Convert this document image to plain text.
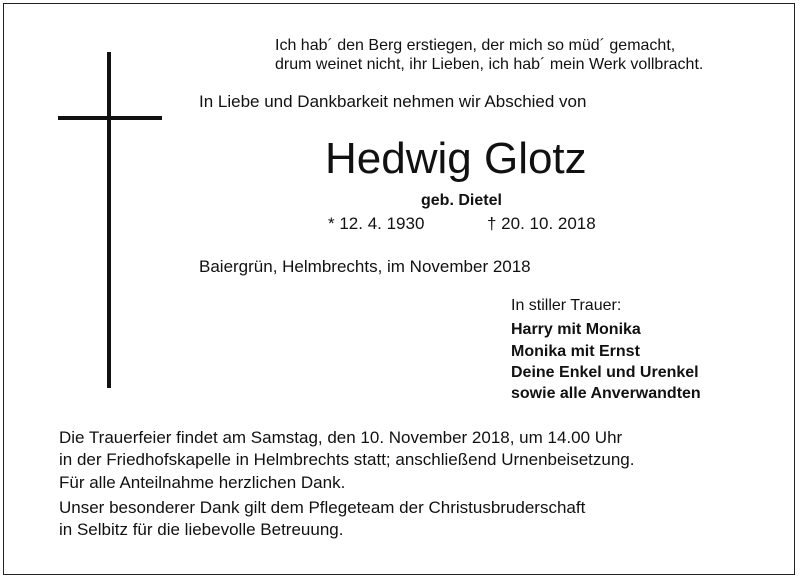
Ich hab´ den Berg erstiegen, der mich so müd´ gemacht,
drum weinet nicht, ihr Lieben, ich hab´ mein Werk vollbracht.
In Liebe und Dankbarkeit nehmen wir Abschied von
Hedwig Glotz
geb. Dietel
* 12. 4. 1930	† 20. 10. 2018
Baiergrün, Helmbrechts, im November 2018
In stiller Trauer:
Harry mit Monika
Monika mit Ernst
Deine Enkel und Urenkel
sowie alle Anverwandten
Die Trauerfeier findet am Samstag, den 10. November 2018, um 14.00 Uhr
in der Friedhofskapelle in Helmbrechts statt; anschließend Urnenbeisetzung.
Für alle Anteilnahme herzlichen Dank.
Unser besonderer Dank gilt dem Pflegeteam der Christusbruderschaft
in Selbitz für die liebevolle Betreuung.
